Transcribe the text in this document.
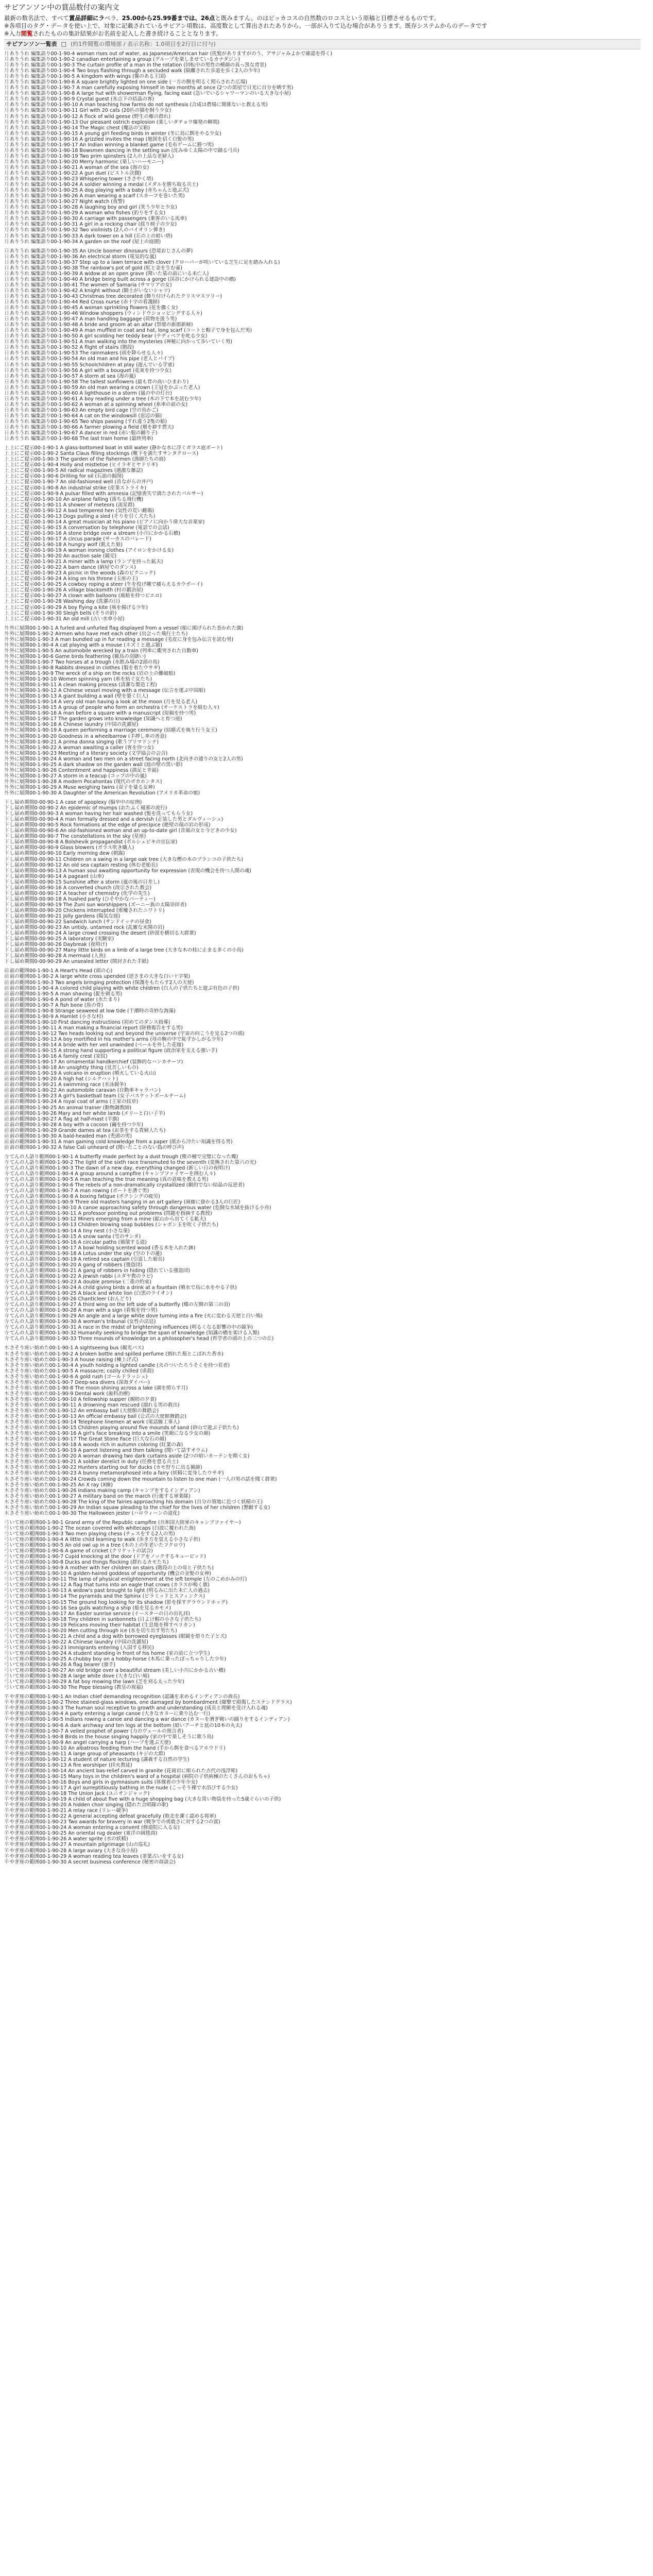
サピアンソン中の賞品数付の案内文

最新の数名法で、すべて賞品詳細にラベラ、25.00から25.99番までは、26点と既みますん。のはピッカコスの自然数のロコスという原稿と目標させるものです。

※各項目のタグ・データを使い上で、対象に記載されているサピアン項数は、高度数として算出されたありから、一部が入りて込む場合がありうます。既存システムからのデータです

※入力閲覧されたものの集計結果がお名前を記入した書き続けることとなります。

サピアンソン一覧表 □ (約1件閲覧の環境部 / 表示名称：1.0項目を2行目に付与)
月ありうれ 編集語り00-1-90-4 woman rises out of water, as Japanese/American hair (洗髪がありますがのう、アサジャみよかで確認を得く)
月ありうれ 編集語り00-1-90-2 canadian entertaining a group (グループを楽しませているカナダジン)
月ありうれ 編集語り00-1-90-3 The curtain profile of a man in the rotation (回転中の男性の横顔の真っ黒な背景)
月ありうれ 編集語り00-1-90-4 Two boys flashing through a secluded walk (隔離された歩道を歩く2人の少年)
月ありうれ 編集語り00-1-90-5 A kingdom with wings (翼のある王国)
月ありうれ 編集語り00-1-90-6 A square brightly lighted on one side (一方の側を明るく照らされた広場)
月ありうれ 編集語り00-1-90-7 A man carefully exposing himself in two months at once (2つの部屋で日光に自分を晒す男)
月ありうれ 編集語り00-1-90-8 A large hut with showerman flying, facing east (急いでいるシャワーマンのいる大きな小屋)
月ありうれ 編集語り00-1-90-9 Crystal guest (氷点下の結晶の客)
月ありうれ 編集語り00-1-90-10 A man teaching how farms do not synthesis (合成は農場に関係ないと教える男)
月ありうれ 編集語り00-1-90-11 Girl with 20 cats (20匹の猫を飼う少女)
月ありうれ 編集語り00-1-90-12 A flock of wild geese (野生の雁の群れ)
月ありうれ 編集語り00-1-90-13 Our pleasant ostrich explosion (楽しいダチョウ爆発の瞬間)
月ありうれ 編集語り00-1-90-14 The Magic chest (魔法の宝箱)
月ありうれ 編集語り00-1-90-15 A young girl feeding birds in winter (冬に鳥に餌をやる少女)
月ありうれ 編集語り00-1-90-16 A grizzled invites the map (地図を招く白髪の男)
月ありうれ 編集語り00-1-90-17 An Indian winning a blanket game (毛布ゲームに勝つ男)
月ありうれ 編集語り00-1-90-18 Bowsmen dancing in the setting sun (沈みゆく太陽の中で踊る弓兵)
月ありうれ 編集語り00-1-90-19 Two prim spinsters (2人の上品な老婦人)
月ありうれ 編集語り00-1-90-20 Merry harmonic (楽しいハーモニー)
月ありうれ 編集語り00-1-90-21 A woman of the sea (海の女)
月ありうれ 編集語り00-1-90-22 A gun duel (ピストル決闘)
月ありうれ 編集語り00-1-90-23 Whispering tower (ささやく塔)
月ありうれ 編集語り00-1-90-24 A soldier winning a medal (メダルを勝ち取る兵士)
月ありうれ 編集語り00-1-90-25 A dog playing with a baby (赤ちゃんと遊ぶ犬)
月ありうれ 編集語り00-1-90-26 A man wearing a scarf (スカーフを巻いた男)
月ありうれ 編集語り00-1-90-27 Night watch (夜警)
月ありうれ 編集語り00-1-90-28 A laughing boy and girl (笑う少年と少女)
月ありうれ 編集語り00-1-90-29 A woman who fishes (釣りをする女)
月ありうれ 編集語り00-1-90-30 A carriage with passengers (乗客のいる馬車)
月ありうれ 編集語り00-1-90-31 A girl in a rocking chair (揺り椅子の少女)
月ありうれ 編集語り00-1-90-32 Two violinists (2人のバイオリン弾き)
月ありうれ 編集語り00-1-90-33 A dark tower on a hill (丘の上の暗い塔)
月ありうれ 編集語り00-1-90-34 A garden on the roof (屋上の庭園)
日ありうれ 編集語り00-1-90-35 An Uncle boomer dinosaurs (恐竜おじさんの夢)
日ありうれ 編集語り00-1-90-36 An electrical storm (電気的な嵐)
日ありうれ 編集語り00-1-90-37 Step up to a lawn terrace with clover (クローバーが咲いている芝生に足を踏み入れる)
日ありうれ 編集語り00-1-90-38 The rainbow's pot of gold (虹と金を生む壷)
日ありうれ 編集語り00-1-90-39 A widow at an open grave (開いた墓の前にいる未亡人)
日ありうれ 編集語り00-1-90-40 A bridge being built across a gorge (渓谷にかけられる建設中の橋)
日ありうれ 編集語り00-1-90-41 The women of Samaria (サマリアの女)
日ありうれ 編集語り00-1-90-42 A knight without (騎士がいないシャツ)
日ありうれ 編集語り00-1-90-43 Christmas tree decorated (飾り付けられたクリスマスツリー)
日ありうれ 編集語り00-1-90-44 Red Cross nurse (赤十字の看護師)
日ありうれ 編集語り00-1-90-45 A woman sprinkling flowers (花を撒く女)
日ありうれ 編集語り00-1-90-46 Window shoppers (ウィンドウショッピングする人々)
日ありうれ 編集語り00-1-90-47 A man handling baggage (荷物を扱う男)
日ありうれ 編集語り00-1-90-48 A bride and groom at an altar (祭壇の新郎新婦)
日ありうれ 編集語り00-1-90-49 A man muffled in coat and hat, long scarf (コートと帽子で身を包んだ男)
日ありうれ 編集語り00-1-90-50 A girl scolding her teddy bear (テディベアを叱る少女)
日ありうれ 編集語り00-1-90-51 A man walking into the mysteries (神秘に向かって歩いていく男)
日ありうれ 編集語り00-1-90-52 A flight of stairs (階段)
日ありうれ 編集語り00-1-90-53 The rainmakers (雨を降らせる人々)
日ありうれ 編集語り00-1-90-54 An old man and his pipe (老人とパイプ)
日ありうれ 編集語り00-1-90-55 Schoolchildren at play (遊んでいる学童)
日ありうれ 編集語り00-1-90-56 A girl with a bouquet (花束を持つ少女)
日ありうれ 編集語り00-1-90-57 A storm at sea (海の嵐)
日ありうれ 編集語り00-1-90-58 The tallest sunflowers (最も背の高いひまわり)
日ありうれ 編集語り00-1-90-59 An old man wearing a crown (王冠をかぶった老人)
日ありうれ 編集語り00-1-90-60 A lighthouse in a storm (嵐の中の灯台)
日ありうれ 編集語り00-1-90-61 A boy reading under a tree (木の下で本を読む少年)
日ありうれ 編集語り00-1-90-62 A woman at a spinning wheel (糸車の前の女)
日ありうれ 編集語り00-1-90-63 An empty bird cage (空の鳥かご)
日ありうれ 編集語り00-1-90-64 A cat on the windowsill (窓辺の猫)
日ありうれ 編集語り00-1-90-65 Two ships passing (すれ違う2隻の船)
日ありうれ 編集語り00-1-90-66 A farmer plowing a field (畑を耕す農夫)
日ありうれ 編集語り00-1-90-67 A dancer in red (赤い服の踊り子)
日ありうれ 編集語り00-1-90-68 The last train home (最終列車)
上上にご提示00-1-90-1 A glass-bottomed boat in still water (静かな水に浮くガラス底ボート)
上上にご提示00-1-90-2 Santa Claus filling stockings (靴下を満たすサンタクロース)
上上にご提示00-1-90-3 The garden of the fishermen (漁師たちの庭)
上上にご提示00-1-90-4 Holly and mistletoe (ヒイラギとヤドリギ)
上上にご提示00-1-90-5 All radical magazines (過激な雑誌)
上上にご提示00-1-90-6 Drilling for oil (石油の掘削)
上上にご提示00-1-90-7 An old-fashioned well (昔ながらの井戸)
上上にご提示00-1-90-8 An industrial strike (産業ストライキ)
上上にご提示00-1-90-9 A pulsar filled with amnesia (記憶喪失で満たされたパルサー)
上上にご提示00-1-90-10 An airplane falling (落ちる飛行機)
上上にご提示00-1-90-11 A shower of meteors (流星群)
上上にご提示00-1-90-12 A bad tempered hen (気性の荒い雌鶏)
上上にご提示00-1-90-13 Dogs pulling a sled (そりを引く犬たち)
上上にご提示00-1-90-14 A great musician at his piano (ピアノに向かう偉大な音楽家)
上上にご提示00-1-90-15 A conversation by telephone (電話での会話)
上上にご提示00-1-90-16 A stone bridge over a stream (小川にかかる石橋)
上上にご提示00-1-90-17 A circus parade (サーカスのパレード)
上上にご提示00-1-90-18 A hungry wolf (飢えた狼)
上上にご提示00-1-90-19 A woman ironing clothes (アイロンをかける女)
上上にご提示00-1-90-20 An auction sale (競売)
上上にご提示00-1-90-21 A miner with a lamp (ランプを持った鉱夫)
上上にご提示00-1-90-22 A barn dance (納屋でのダンス)
上上にご提示00-1-90-23 A picnic in the woods (森のピクニック)
上上にご提示00-1-90-24 A king on his throne (玉座の王)
上上にご提示00-1-90-25 A cowboy roping a steer (牛を投げ縄で捕らえるカウボーイ)
上上にご提示00-1-90-26 A village blacksmith (村の鍛冶屋)
上上にご提示00-1-90-27 A clown with balloons (風船を持つピエロ)
上上にご提示00-1-90-28 Washing day (洗濯の日)
上上にご提示00-1-90-29 A boy flying a kite (凧を揚げる少年)
上上にご提示00-1-90-30 Sleigh bells (そりの鈴)
上上にご提示00-1-90-31 An old mill (古い水車小屋)
外外に展開00-1-90-1 A furled and unfurled flag displayed from a vessel (船に掲げられた巻かれた旗)
外外に展開00-1-90-2 Airmen who have met each other (出会った飛行士たち)
外外に展開00-1-90-3 A man bundled up in fur reading a message (毛皮に身を包み伝言を読む男)
外外に展開00-1-90-4 A cat playing with a mouse (ネズミと遊ぶ猫)
外外に展開00-1-90-5 An automobile wrecked by a train (列車に衝突された自動車)
外外に展開00-1-90-6 Game birds feathering (猟鳥の羽繕い)
外外に展開00-1-90-7 Two horses at a trough (水飲み場の2頭の馬)
外外に展開00-1-90-8 Rabbits dressed in clothes (服を着たウサギ)
外外に展開00-1-90-9 The wreck of a ship on the rocks (岩の上の難破船)
外外に展開00-1-90-10 Women spinning yarn (糸を紡ぐ女たち)
外外に展開00-1-90-11 A clean making process (清潔な製造工程)
外外に展開00-1-90-12 A Chinese vessel moving with a message (伝言を運ぶ中国船)
外外に展開00-1-90-13 A giant building a wall (壁を築く巨人)
外外に展開00-1-90-14 A very old man having a look at the moon (月を見る老人)
外外に展開00-1-90-15 A group of people who form an orchestra (オーケストラを組む人々)
外外に展開00-1-90-16 A man before a square with a manuscript (原稿を持つ男)
外外に展開00-1-90-17 The garden grows into knowledge (知識へと育つ庭)
外外に展開00-1-90-18 A Chinese laundry (中国の洗濯屋)
外外に展開00-1-90-19 A queen performing a marriage ceremony (結婚式を執り行う女王)
外外に展開00-1-90-20 Goodness in a wheelbarrow (手押し車の善意)
外外に展開00-1-90-21 A prima donna singing (歌うプリマドンナ)
外外に展開00-1-90-22 A woman awaiting a caller (客を待つ女)
外外に展開00-1-90-23 Meeting of a literary society (文学協会の会合)
外外に展開00-1-90-24 A woman and two men on a street facing north (北向きの通りの女と2人の男)
外外に展開00-1-90-25 A dark shadow on the garden wall (庭の壁の黒い影)
外外に展開00-1-90-26 Contentment and happiness (満足と幸福)
外外に展開00-1-90-27 A storm in a teacup (コップの中の嵐)
外外に展開00-1-90-28 A modern Pocahontas (現代のポカホンタス)
外外に展開00-1-90-29 A Muse weighing twins (双子を量る女神)
外外に展開00-1-90-30 A Daughter of the American Revolution (アメリカ革命の娘)
下し届め期間0-00-90-1 A case of apoplexy (脳卒中の症例)
下し届め期間0-00-90-2 An epidemic of mumps (おたふく風邪の流行)
下し届め期間0-00-90-3 A woman having her hair washed (髪を洗ってもらう女)
下し届め期間0-00-90-4 A man formally dressed and a dervish (正装した男とダルヴィーシュ)
下し届め期間0-00-90-5 Rock formations at the edge of precipice (絶壁の端の岩の形成)
下し届め期間0-00-90-6 An old-fashioned woman and an up-to-date girl (昔風の女と今どきの少女)
下し届め期間0-00-90-7 The constellations in the sky (星座)
下し届め期間0-00-90-8 A Bolshevik propagandist (ボルシェビキの宣伝家)
下し届め期間0-00-90-9 Glass blowers (ガラス吹き職人)
下し届め期間0-00-90-10 Early morning dew (朝露)
下し届め期間0-00-90-11 Children on a swing in a large oak tree (大きな樫の木のブランコの子供たち)
下し届め期間0-00-90-12 An old sea captain resting (休む老船長)
下し届め期間0-00-90-13 A human soul awaiting opportunity for expression (表現の機会を待つ人間の魂)
下し届め期間0-00-90-14 A pageant (山車)
下し届め期間0-00-90-15 Sunshine after a storm (嵐の後の日差し)
下し届め期間0-00-90-16 A converted church (改宗された教会)
下し届め期間0-00-90-17 A teacher of chemistry (化学の先生)
下し届め期間0-00-90-18 A hushed party (ひそやかなパーティー)
下し届め期間0-00-90-19 The Zuni sun worshippers (ズーニー族の太陽崇拝者)
下し届め期間0-00-90-20 Chickens interrupted (邪魔されたニワトリ)
下し届め期間0-00-90-21 Jolly gardens (陽気な庭)
下し届め期間0-00-90-22 Sandwich lunch (サンドイッチの昼食)
下し届め期間0-00-90-23 An untidy, untamed rock (乱雑な未開の岩)
下し届め期間0-00-90-24 A large crowd crossing the desert (砂漠を横切る大群衆)
下し届め期間0-00-90-25 A laboratory (実験室)
下し届め期間0-00-90-26 Daybreak (夜明け)
下し届め期間0-00-90-27 Many little birds on a limb of a large tree (大きな木の枝に止まる多くの小鳥)
下し届め期間0-00-90-28 A mermaid (人魚)
下し届め期間0-00-90-29 An unsealed letter (開封された手紙)
前前の範囲00-1-90-1 A Heart's Head (頭の心)
前前の範囲00-1-90-2 A large white cross upended (逆さまの大きな白い十字架)
前前の範囲00-1-90-3 Two angels bringing protection (保護をもたらす2人の天使)
前前の範囲00-1-90-4 A colored child playing with white children (白人の子供たちと遊ぶ有色の子供)
前前の範囲00-1-90-5 A man shaving (髭を剃る男)
前前の範囲00-1-90-6 A pond of water (水たまり)
前前の範囲00-1-90-7 A fish bone (魚の骨)
前前の範囲00-1-90-8 Strange seaweed at low tide (干潮時の奇妙な海藻)
前前の範囲00-1-90-9 A Hamlet (小さな村)
前前の範囲00-1-90-10 First dancing instructions (初めてのダンス指導)
前前の範囲00-1-90-11 A man making a financial report (財務報告をする男)
前前の範囲00-1-90-12 Two heads looking out and beyond the universe (宇宙の向こうを見る2つの頭)
前前の範囲00-1-90-13 A boy mortified in his mother's arms (母の腕の中で恥ずかしがる少年)
前前の範囲00-1-90-14 A bride with her veil unwinded (ベールを外した花嫁)
前前の範囲00-1-90-15 A strong hand supporting a political figure (政治家を支える強い手)
前前の範囲00-1-90-16 A family crest (家紋)
前前の範囲00-1-90-17 An ornamental handkerchief (装飾的なハンカチーフ)
前前の範囲00-1-90-18 An unsightly thing (見苦しいもの)
前前の範囲00-1-90-19 A volcano in eruption (噴火している火山)
前前の範囲00-1-90-20 A high hat (シルクハット)
前前の範囲00-1-90-21 A swimming race (水泳競争)
前前の範囲00-1-90-22 An automobile caravan (自動車キャラバン)
前前の範囲00-1-90-23 A girl's basketball team (女子バスケットボールチーム)
前前の範囲00-1-90-24 A royal coat of arms (王家の紋章)
前前の範囲00-1-90-25 An animal trainer (動物調教師)
前前の範囲00-1-90-26 Mary and her white lamb (メリーと白い子羊)
前前の範囲00-1-90-27 A flag at half-mast (半旗)
前前の範囲00-1-90-28 A boy with a cocoon (繭を持つ少年)
前前の範囲00-1-90-29 Grande dames at tea (お茶をする貴婦人たち)
前前の範囲00-1-90-30 A bald-headed man (禿頭の男)
前前の範囲00-1-90-31 A man gaining cold knowledge from a paper (紙から冷たい知識を得る男)
前前の範囲00-1-90-32 A false Cali unheard of (聞いたことのない偽の呼び声)
寺てんの人語り範囲00-1-90-1 A butterfly made perfect by a dust trough (塵の桶で完璧になった蝶)
寺てんの人語り範囲00-1-90-2 The light of the sixth race transmuted to the seventh (変換された第六の光)
寺てんの人語り範囲00-1-90-3 The dawn of a new day, everything changed (新しい日の夜明け)
寺てんの人語り範囲00-1-90-4 A group around a campfire (キャンプファイヤーを囲む人々)
寺てんの人語り範囲00-1-90-5 A man teaching the true meaning (真の意味を教える男)
寺てんの人語り範囲00-1-90-6 The rebels of a non-dramatically crystallized (劇的でない結晶の反逆者)
寺てんの人語り範囲00-1-90-7 A man rowing (ボートを漕ぐ男)
寺てんの人語り範囲00-1-90-8 A boxing fatigue (ボクシングの疲労)
寺てんの人語り範囲00-1-90-9 Three old masters hanging in an art gallery (画廊に掛かる3人の巨匠)
寺てんの人語り範囲00-1-90-10 A canoe approaching safety through dangerous water (危険な水域を抜ける小舟)
寺てんの人語り範囲00-1-90-11 A professor pointing out problems (問題を指摘する教授)
寺てんの人語り範囲00-1-90-12 Miners emerging from a mine (鉱山から出てくる鉱夫)
寺てんの人語り範囲00-1-90-13 Children blowing soap bubbles (シャボン玉を吹く子供たち)
寺てんの人語り範囲00-1-90-14 A tiny nest (小さな巣)
寺てんの人語り範囲00-1-90-15 A snow santa (雪のサンタ)
寺てんの人語り範囲00-1-90-16 A circular paths (循環する道)
寺てんの人語り範囲00-1-90-17 A bowl holding scented wood (香る木を入れた鉢)
寺てんの人語り範囲00-1-90-18 A Lotus under the sky (空の下の蓮)
寺てんの人語り範囲00-1-90-19 A retired sea captain (引退した船長)
寺てんの人語り範囲00-1-90-20 A gang of robbers (強盗団)
寺てんの人語り範囲00-1-90-21 A gang of robbers in hiding (隠れている強盗団)
寺てんの人語り範囲00-1-90-22 A jewish rabbi (ユダヤ教のラビ)
寺てんの人語り範囲00-1-90-23 A double promise (二重の約束)
寺てんの人語り範囲00-1-90-24 A child giving birds a drink at a fountain (噴水で鳥に水をやる子供)
寺てんの人語り範囲00-1-90-25 A black and white lion (白黒のライオン)
寺てんの人語り範囲00-1-90-26 Chanticleer (おんどり)
寺てんの人語り範囲00-1-90-27 A third wing on the left side of a butterfly (蝶の左側の第三の羽)
寺てんの人語り範囲00-1-90-28 A man with a sign (看板を持つ男)
寺てんの人語り範囲00-1-90-29 An angle and a large white dove turning into a fire (火に変わる天使と白い鳩)
寺てんの人語り範囲00-1-90-30 A woman's tribunal (女性の法廷)
寺てんの人語り範囲00-1-90-31 A race in the midst of brightening influences (明るくなる影響の中の競争)
寺てんの人語り範囲00-1-90-32 Humanity seeking to bridge the span of knowledge (知識の橋を架ける人類)
寺てんの人語り範囲00-1-90-33 Three mounds of knowledge on a philosopher's head (哲学者の頭の上の三つの丘)
木さそり座い始めた00-1-90-1 A sightseeing bus (観光バス)
木さそり座い始めた00-1-90-2 A broken bottle and spilled perfume (割れた瓶とこぼれた香水)
木さそり座い始めた00-1-90-3 A house raising (棟上げ式)
木さそり座い始めた00-1-90-4 A youth holding a lighted candle (火のついたろうそくを持つ若者)
木さそり座い始めた00-1-90-5 A massacre; cozily chilled (虐殺)
木さそり座い始めた00-1-90-6 A gold rush (ゴールドラッシュ)
木さそり座い始めた00-1-90-7 Deep-sea divers (深海ダイバー)
木さそり座い始めた00-1-90-8 The moon shining across a lake (湖を照らす月)
木さそり座い始めた00-1-90-9 Dental work (歯科治療)
木さそり座い始めた00-1-90-10 A fellowship supper (親睦の夕食)
木さそり座い始めた00-1-90-11 A drowning man rescued (溺れる男の救出)
木さそり座い始めた00-1-90-12 An embassy ball (大使館の舞踏会)
木さそり座い始めた00-1-90-13 An official embassy ball (公式の大使館舞踏会)
木さそり座い始めた00-1-90-14 Telephone linemen at work (電話線工事人)
木さそり座い始めた00-1-90-15 Children playing around five mounds of sand (砂山で遊ぶ子供たち)
木さそり座い始めた00-1-90-16 A girl's face breaking into a smile (笑顔になる少女の顔)
木さそり座い始めた00-1-90-17 The Great Stone Face (巨大な石の顔)
木さそり座い始めた00-1-90-18 A woods rich in autumn coloring (紅葉の森)
木さそり座い始めた00-1-90-19 A parrot listening and then talking (聞いて話すオウム)
木さそり座い始めた00-1-90-20 A woman drawing two dark curtains aside (2つの暗いカーテンを開く女)
木さそり座い始めた00-1-90-21 A soldier derelict in duty (任務を怠る兵士)
木さそり座い始めた00-1-90-22 Hunters starting out for ducks (カモ狩りに出る猟師)
木さそり座い始めた00-1-90-23 A bunny metamorphosed into a fairy (妖精に変身したウサギ)
木さそり座い始めた00-1-90-24 Crowds coming down the mountain to listen to one man (一人の男の話を聞く群衆)
木さそり座い始めた00-1-90-25 An X ray (X線)
木さそり座い始めた00-1-90-26 Indians making camp (キャンプをするインディアン)
木さそり座い始めた00-1-90-27 A military band on the march (行進する軍楽隊)
木さそり座い始めた00-1-90-28 The king of the fairies approaching his domain (自分の領地に近づく妖精の王)
木さそり座い始めた00-1-90-29 An Indian squaw pleading to the chief for the lives of her children (懇願する女)
木さそり座い始めた00-1-90-30 The Halloween jester (ハロウィーンの道化)
弓いて座の範囲00-1-90-1 Grand army of the Republic campfire (共和国大陸軍のキャンプファイヤー)
弓いて座の範囲00-1-90-2 The ocean covered with whitecaps (白波に覆われた海)
弓いて座の範囲00-1-90-3 Two men playing chess (チェスをする2人の男)
弓いて座の範囲00-1-90-4 A little child learning to walk (歩き方を覚える小さな子供)
弓いて座の範囲00-1-90-5 An old owl up in a tree (木の上の年老いたフクロウ)
弓いて座の範囲00-1-90-6 A game of cricket (クリケットの試合)
弓いて座の範囲00-1-90-7 Cupid knocking at the door (ドアをノックするキューピッド)
弓いて座の範囲00-1-90-8 Ducks and things flocking (群れるカモたち)
弓いて座の範囲00-1-90-9 A mother with her children on stairs (階段の上の母と子供たち)
弓いて座の範囲00-1-90-10 A golden-haired goddess of opportunity (機会の金髪の女神)
弓いて座の範囲00-1-90-11 The lamp of physical enlightenment at the left temple (左のこめかみの灯)
弓いて座の範囲00-1-90-12 A flag that turns into an eagle that crows (カラスが鳴く旗)
弓いて座の範囲00-1-90-13 A widow's past brought to light (明るみに出た未亡人の過去)
弓いて座の範囲00-1-90-14 The pyramids and the Sphinx (ピラミッドとスフィンクス)
弓いて座の範囲00-1-90-15 The ground hog looking for its shadow (影を探すグラウンドホッグ)
弓いて座の範囲00-1-90-16 Sea gulls watching a ship (船を見るカモメ)
弓いて座の範囲00-1-90-17 An Easter sunrise service (イースターの日の出礼拝)
弓いて座の範囲00-1-90-18 Tiny children in sunbonnets (日よけ帽の小さな子供たち)
弓いて座の範囲00-1-90-19 Pelicans moving their habitat (生息地を移すペリカン)
弓いて座の範囲00-1-90-20 Men cutting through ice (氷を切り出す男たち)
弓いて座の範囲00-1-90-21 A child and a dog with borrowed eyeglasses (眼鏡を借りた子と犬)
弓いて座の範囲00-1-90-22 A Chinese laundry (中国の洗濯屋)
弓いて座の範囲00-1-90-23 Immigrants entering (入国する移民)
弓いて座の範囲00-1-90-24 A student standing in front of his home (家の前に立つ学生)
弓いて座の範囲00-1-90-25 A chubby boy on a hobby-horse (木馬に乗ったぽっちゃりした少年)
弓いて座の範囲00-1-90-26 A flag bearer (旗手)
弓いて座の範囲00-1-90-27 An old bridge over a beautiful stream (美しい小川にかかる古い橋)
弓いて座の範囲00-1-90-28 A large white dove (大きな白い鳩)
弓いて座の範囲00-1-90-29 A fat boy mowing the lawn (芝を刈る太った少年)
弓いて座の範囲00-1-90-30 The Pope blessing (教皇の祝福)
羊やぎ座の範囲00-1-90-1 An Indian chief demanding recognition (認識を求めるインディアンの酋長)
羊やぎ座の範囲00-1-90-2 Three stained-glass windows, one damaged by bombardment (爆撃で損傷したステンドグラス)
羊やぎ座の範囲00-1-90-3 The human soul receptive to growth and understanding (成長と理解を受け入れる魂)
羊やぎ座の範囲00-1-90-4 A party entering a large canoe (大きなカヌーに乗り込む一行)
羊やぎ座の範囲00-1-90-5 Indians rowing a canoe and dancing a war dance (カヌーを漕ぎ戦いの踊りをするインディアン)
羊やぎ座の範囲00-1-90-6 A dark archway and ten logs at the bottom (暗いアーチと底の10本の丸太)
羊やぎ座の範囲00-1-90-7 A veiled prophet of power (力のヴェールの預言者)
羊やぎ座の範囲00-1-90-8 Birds in the house singing happily (家の中で楽しそうに歌う鳥)
羊やぎ座の範囲00-1-90-9 An angel carrying a harp (ハープを運ぶ天使)
羊やぎ座の範囲00-1-90-10 An albatross feeding from the hand (手から餌を食べるアホウドリ)
羊やぎ座の範囲00-1-90-11 A large group of pheasants (キジの大群)
羊やぎ座の範囲00-1-90-12 A student of nature lecturing (講義する自然の学生)
羊やぎ座の範囲00-1-90-13 A fire worshiper (拝火教徒)
羊やぎ座の範囲00-1-90-14 An ancient bas-relief carved in granite (花崗岩に彫られた古代の浅浮彫)
羊やぎ座の範囲00-1-90-15 Many toys in the children's ward of a hospital (病院の子供病棟のたくさんのおもちゃ)
羊やぎ座の範囲00-1-90-16 Boys and girls in gymnasium suits (体操着の少年少女)
羊やぎ座の範囲00-1-90-17 A girl surreptitiously bathing in the nude (こっそり裸で水浴びする少女)
羊やぎ座の範囲00-1-90-18 The Union Jack (ユニオンジャック)
羊やぎ座の範囲00-1-90-19 A child of about five with a huge shopping bag (大きな買い物袋を持った5歳ぐらいの子供)
羊やぎ座の範囲00-1-90-20 A hidden choir singing (隠れた合唱隊の歌)
羊やぎ座の範囲00-1-90-21 A relay race (リレー競争)
羊やぎ座の範囲00-1-90-22 A general accepting defeat gracefully (敗北を潔く認める将軍)
羊やぎ座の範囲00-1-90-23 Two awards for bravery in war (戦争での勇敢さに対する2つの賞)
羊やぎ座の範囲00-1-90-24 A woman entering a convent (修道院に入る女)
羊やぎ座の範囲00-1-90-25 An oriental rug dealer (東洋の絨毯商)
羊やぎ座の範囲00-1-90-26 A water sprite (水の妖精)
羊やぎ座の範囲00-1-90-27 A mountain pilgrimage (山の巡礼)
羊やぎ座の範囲00-1-90-28 A large aviary (大きな鳥小屋)
羊やぎ座の範囲00-1-90-29 A woman reading tea leaves (茶葉占いをする女)
羊やぎ座の範囲00-1-90-30 A secret business conference (秘密の商談会)
